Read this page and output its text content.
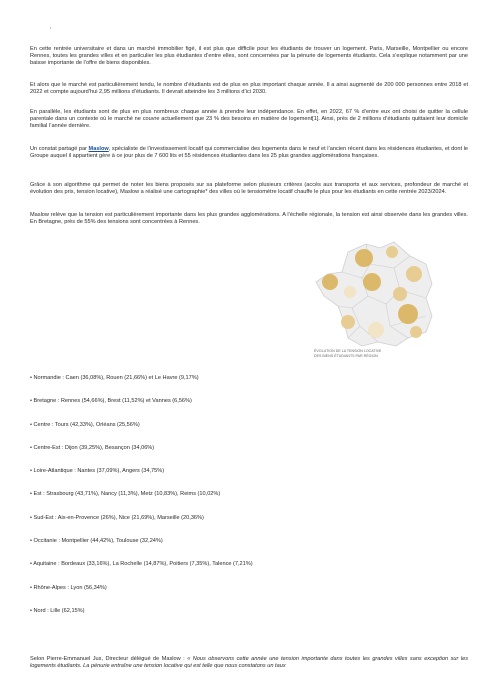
'

En cette rentrée universitaire et dans un marché immobilier figé, il est plus que difficile pour les étudiants de trouver un logement. Paris, Marseille, Montpellier ou encore Rennes, toutes les grandes villes et en particulier les plus étudiantes d’entre elles, sont concernées par la pénurie de logements étudiants. Cela s’explique notamment par une baisse importante de l’offre de biens disponibles.

Et alors que le marché est particulièrement tendu, le nombre d’étudiants est de plus en plus important chaque année. Il a ainsi augmenté de 200 000 personnes entre 2018 et 2022 et compte aujourd’hui 2,95 millions d’étudiants. Il devrait atteindre les 3 millions d’ici 2030.

En parallèle, les étudiants sont de plus en plus nombreux chaque année à prendre leur indépendance. En effet, en 2022, 67 % d’entre eux ont choisi de quitter la cellule parentale dans un contexte où le marché ne couvre actuellement que 23 % des besoins en matière de logement[1]. Ainsi, près de 2 millions d’étudiants quittaient leur domicile familial l’année dernière.

Un constat partagé par Maslow, spécialiste de l’investissement locatif qui commercialise des logements dans le neuf et l’ancien récent dans les résidences étudiantes, et dont le Groupe auquel il appartient gère à ce jour plus de 7 600 lits et 55 résidences étudiantes dans les 25 plus grandes agglomérations françaises.

Grâce à son algorithme qui permet de noter les biens proposés sur sa plateforme selon plusieurs critères (accès aux transports et aux services, profondeur de marché et évolution des prix, tension locative), Maslow a réalisé une cartographie* des villes où le tensiomètre locatif chauffe le plus pour les étudiants en cette rentrée 2023/2024.

Maslow relève que la tension est particulièrement importante dans les plus grandes agglomérations. A l’échelle régionale, la tension est ainsi observée dans les grandes villes. En Bretagne, près de 55% des tensions sont concentrées à Rennes.

• Normandie : Caen (36,08%), Rouen (21,66%) et Le Havre (9,17%)
• Bretagne : Rennes (54,66%), Brest (11,52%) et Vannes (6,56%)
• Centre : Tours (42,33%), Orléans (25,56%)
• Centre-Est : Dijon (39,25%), Besançon (34,06%)
• Loire-Atlantique : Nantes (37,09%), Angers (34,75%)
• Est : Strasbourg (43,71%), Nancy (11,3%), Metz (10,83%), Reims (10,02%)
• Sud-Est : Aix-en-Provence (26%), Nice (21,69%), Marseille (20,36%)
• Occitanie : Montpellier (44,42%), Toulouse (32,24%)
• Aquitaine : Bordeaux (33,16%), La Rochelle (14,87%), Poitiers (7,35%), Talence (7,21%)
• Rhône-Alpes : Lyon (56,34%)
• Nord : Lille (62,15%)

Selon Pierre-Emmanuel Jus, Directeur délégué de Maslow : « Nous observons cette année une tension importante dans toutes les grandes villes sans exception sur les logements étudiants. La pénurie entraîne une tension locative qui est telle que nous constatons un taux

ÉVOLUTION DE LA TENSION LOCATIVE
DES BIENS ÉTUDIANTS PAR RÉGION
